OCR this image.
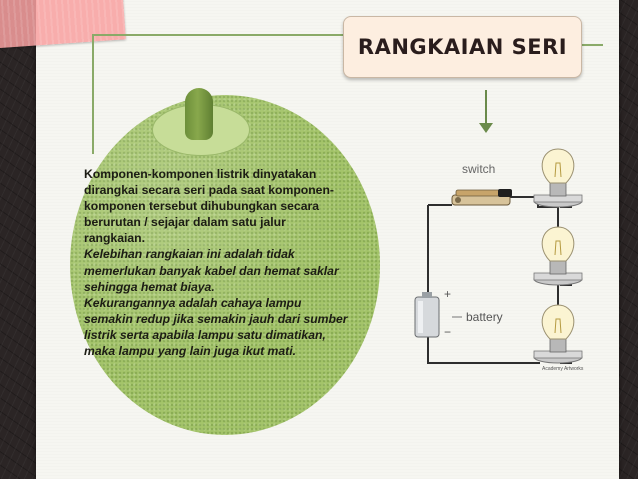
RANGKAIAN SERI

Komponen-komponen listrik dinyatakan dirangkai secara seri pada saat komponen-komponen tersebut dihubungkan secara berurutan / sejajar dalam satu jalur rangkaian.

Kelebihan rangkaian ini adalah tidak memerlukan banyak kabel dan hemat saklar sehingga hemat biaya.

Kekurangannya adalah cahaya lampu semakin redup jika semakin jauh dari sumber listrik serta apabila lampu satu dimatikan, maka lampu yang lain juga ikut mati.

switch
+
−
battery
Academy Artworks
